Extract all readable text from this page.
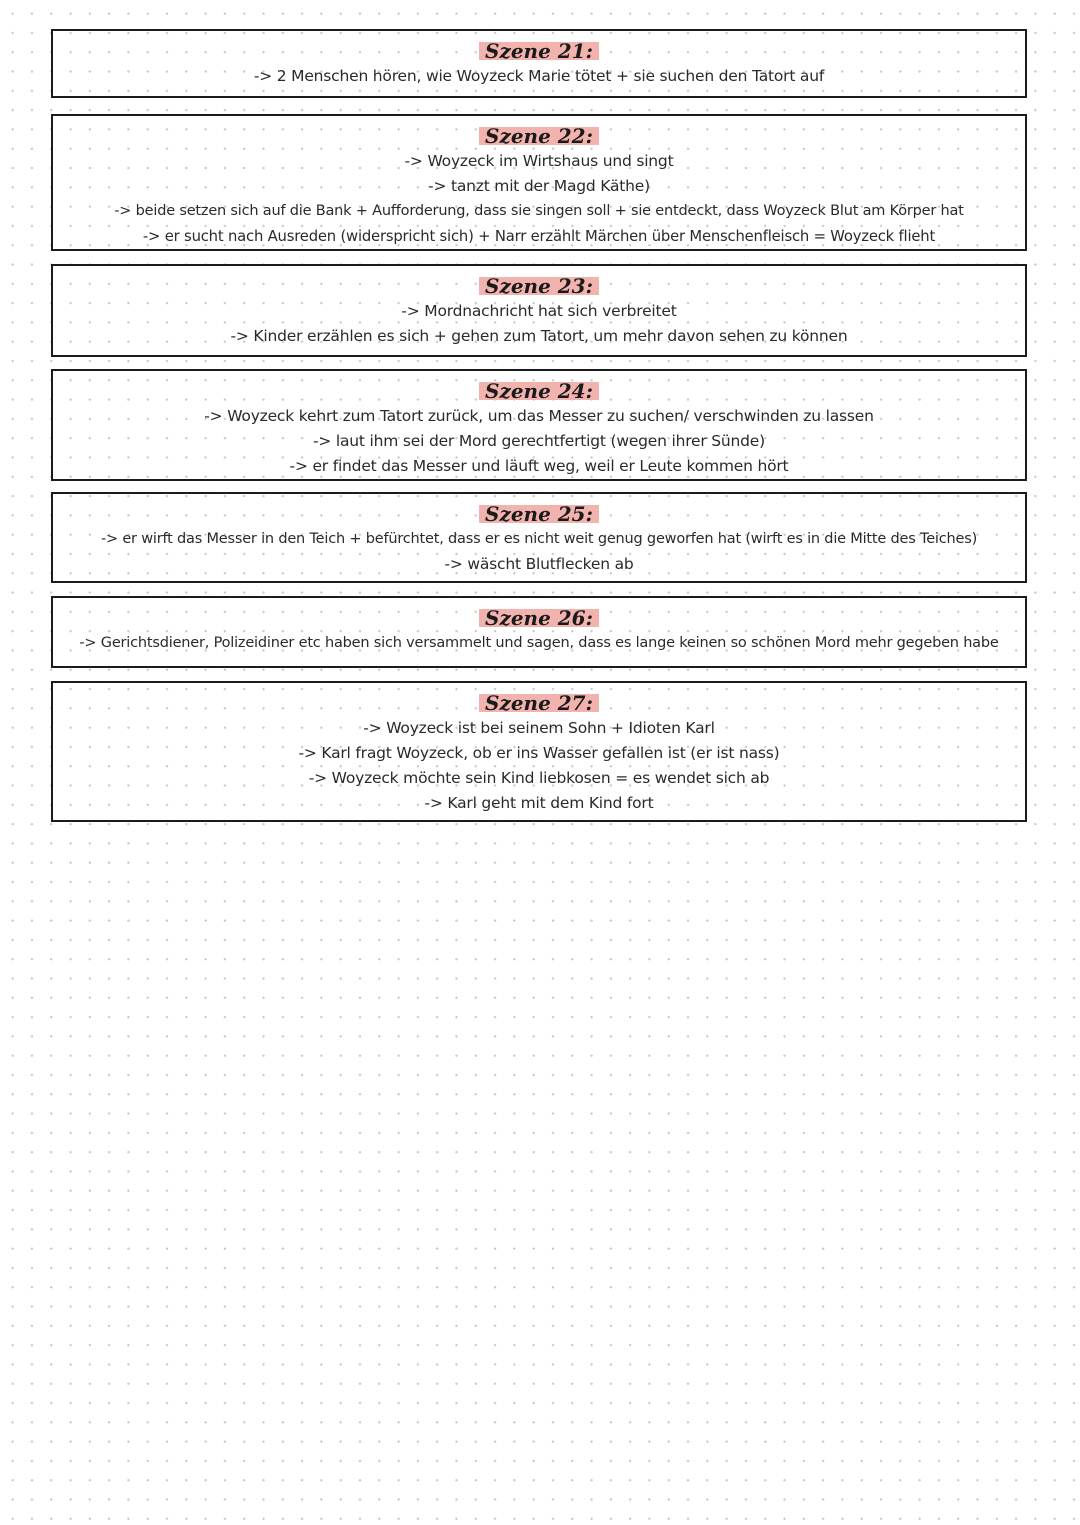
Szene 21:
-> 2 Menschen hören, wie Woyzeck Marie tötet + sie suchen den Tatort auf
Szene 22:
-> Woyzeck im Wirtshaus und singt
-> tanzt mit der Magd Käthe)
-> beide setzen sich auf die Bank + Aufforderung, dass sie singen soll + sie entdeckt, dass Woyzeck Blut am Körper hat
-> er sucht nach Ausreden (widerspricht sich) + Narr erzählt Märchen über Menschenfleisch = Woyzeck flieht
Szene 23:
-> Mordnachricht hat sich verbreitet
-> Kinder erzählen es sich + gehen zum Tatort, um mehr davon sehen zu können
Szene 24:
-> Woyzeck kehrt zum Tatort zurück, um das Messer zu suchen/ verschwinden zu lassen
-> laut ihm sei der Mord gerechtfertigt (wegen ihrer Sünde)
-> er findet das Messer und läuft weg, weil er Leute kommen hört
Szene 25:
-> er wirft das Messer in den Teich + befürchtet, dass er es nicht weit genug geworfen hat (wirft es in die Mitte des Teiches)
-> wäscht Blutflecken ab
Szene 26:
-> Gerichtsdiener, Polizeidiner etc haben sich versammelt und sagen, dass es lange keinen so schönen Mord mehr gegeben habe
Szene 27:
-> Woyzeck ist bei seinem Sohn + Idioten Karl
-> Karl fragt Woyzeck, ob er ins Wasser gefallen ist (er ist nass)
-> Woyzeck möchte sein Kind liebkosen = es wendet sich ab
-> Karl geht mit dem Kind fort
